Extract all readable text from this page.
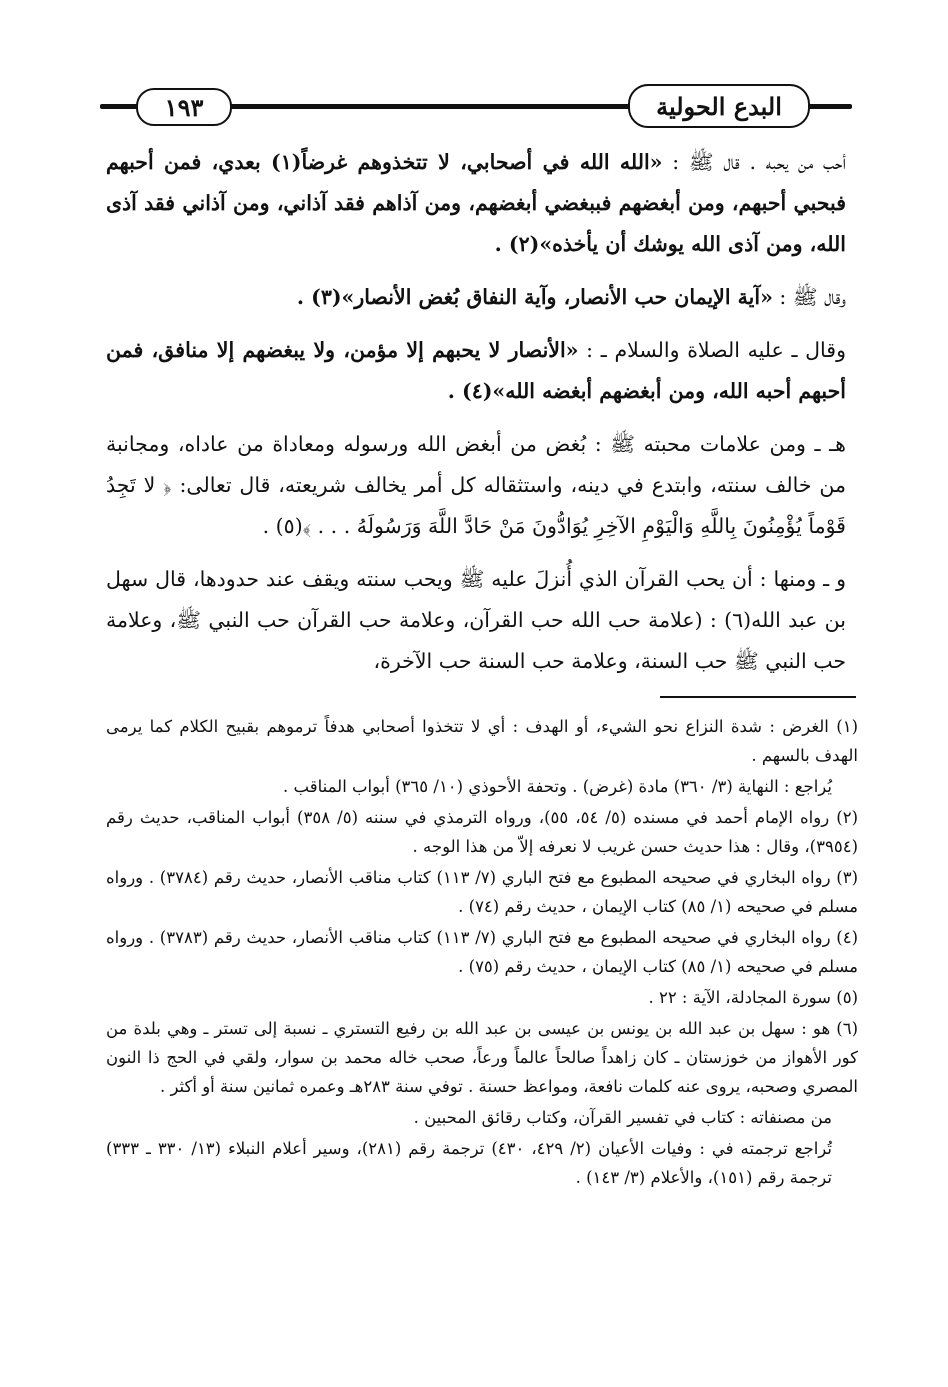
البدع الحولية
١٩٣

أحب من يحبه . قال ﷺ : «الله الله في أصحابي، لا تتخذوهم غرضاً(١) بعدي، فمن أحبهم فبحبي أحبهم، ومن أبغضهم فببغضي أبغضهم، ومن آذاهم فقد آذاني، ومن آذاني فقد آذى الله، ومن آذى الله يوشك أن يأخذه»(٢) .

وقال ﷺ : «آية الإيمان حب الأنصار، وآية النفاق بُغض الأنصار»(٣) .

وقال ـ عليه الصلاة والسلام ـ : «الأنصار لا يحبهم إلا مؤمن، ولا يبغضهم إلا منافق، فمن أحبهم أحبه الله، ومن أبغضهم أبغضه الله»(٤) .

هـ ـ ومن علامات محبته ﷺ : بُغض من أبغض الله ورسوله ومعاداة من عاداه، ومجانبة من خالف سنته، وابتدع في دينه، واستثقاله كل أمر يخالف شريعته، قال تعالى: ﴿ لا تَجِدُ قَوْماً يُؤْمِنُونَ بِاللَّهِ وَالْيَوْمِ الآخِرِ يُوَادُّونَ مَنْ حَادَّ اللَّهَ وَرَسُولَهُ . . . ﴾(٥) .

و ـ ومنها : أن يحب القرآن الذي أُنزلَ عليه ﷺ ويحب سنته ويقف عند حدودها، قال سهل بن عبد الله(٦) : (علامة حب الله حب القرآن، وعلامة حب القرآن حب النبي ﷺ، وعلامة حب النبي ﷺ حب السنة، وعلامة حب السنة حب الآخرة،

(١) الغرض : شدة النزاع نحو الشيء، أو الهدف : أي لا تتخذوا أصحابي هدفاً ترموهم بقبيح الكلام كما يرمى الهدف بالسهم .

يُراجع : النهاية (٣/ ٣٦٠) مادة (غرض) . وتحفة الأحوذي (١٠/ ٣٦٥) أبواب المناقب .

(٢) رواه الإمام أحمد في مسنده (٥/ ٥٤، ٥٥)، ورواه الترمذي في سننه (٥/ ٣٥٨) أبواب المناقب، حديث رقم (٣٩٥٤)، وقال : هذا حديث حسن غريب لا نعرفه إلاّ من هذا الوجه .

(٣) رواه البخاري في صحيحه المطبوع مع فتح الباري (٧/ ١١٣) كتاب مناقب الأنصار، حديث رقم (٣٧٨٤) . ورواه مسلم في صحيحه (١/ ٨٥) كتاب الإيمان ، حديث رقم (٧٤) .

(٤) رواه البخاري في صحيحه المطبوع مع فتح الباري (٧/ ١١٣) كتاب مناقب الأنصار، حديث رقم (٣٧٨٣) . ورواه مسلم في صحيحه (١/ ٨٥) كتاب الإيمان ، حديث رقم (٧٥) .

(٥) سورة المجادلة، الآية : ٢٢ .

(٦) هو : سهل بن عبد الله بن يونس بن عيسى بن عبد الله بن رفيع التستري ـ نسبة إلى تستر ـ وهي بلدة من كور الأهواز من خوزستان ـ كان زاهداً صالحاً عالماً ورعاً، صحب خاله محمد بن سوار، ولقي في الحج ذا النون المصري وصحبه، يروى عنه كلمات نافعة، ومواعظ حسنة . توفي سنة ٢٨٣هـ وعمره ثمانين سنة أو أكثر .

من مصنفاته : كتاب في تفسير القرآن، وكتاب رقائق المحبين .

تُراجع ترجمته في : وفيات الأعيان (٢/ ٤٢٩، ٤٣٠) ترجمة رقم (٢٨١)، وسير أعلام النبلاء (١٣/ ٣٣٠ ـ ٣٣٣) ترجمة رقم (١٥١)، والأعلام (٣/ ١٤٣) .
